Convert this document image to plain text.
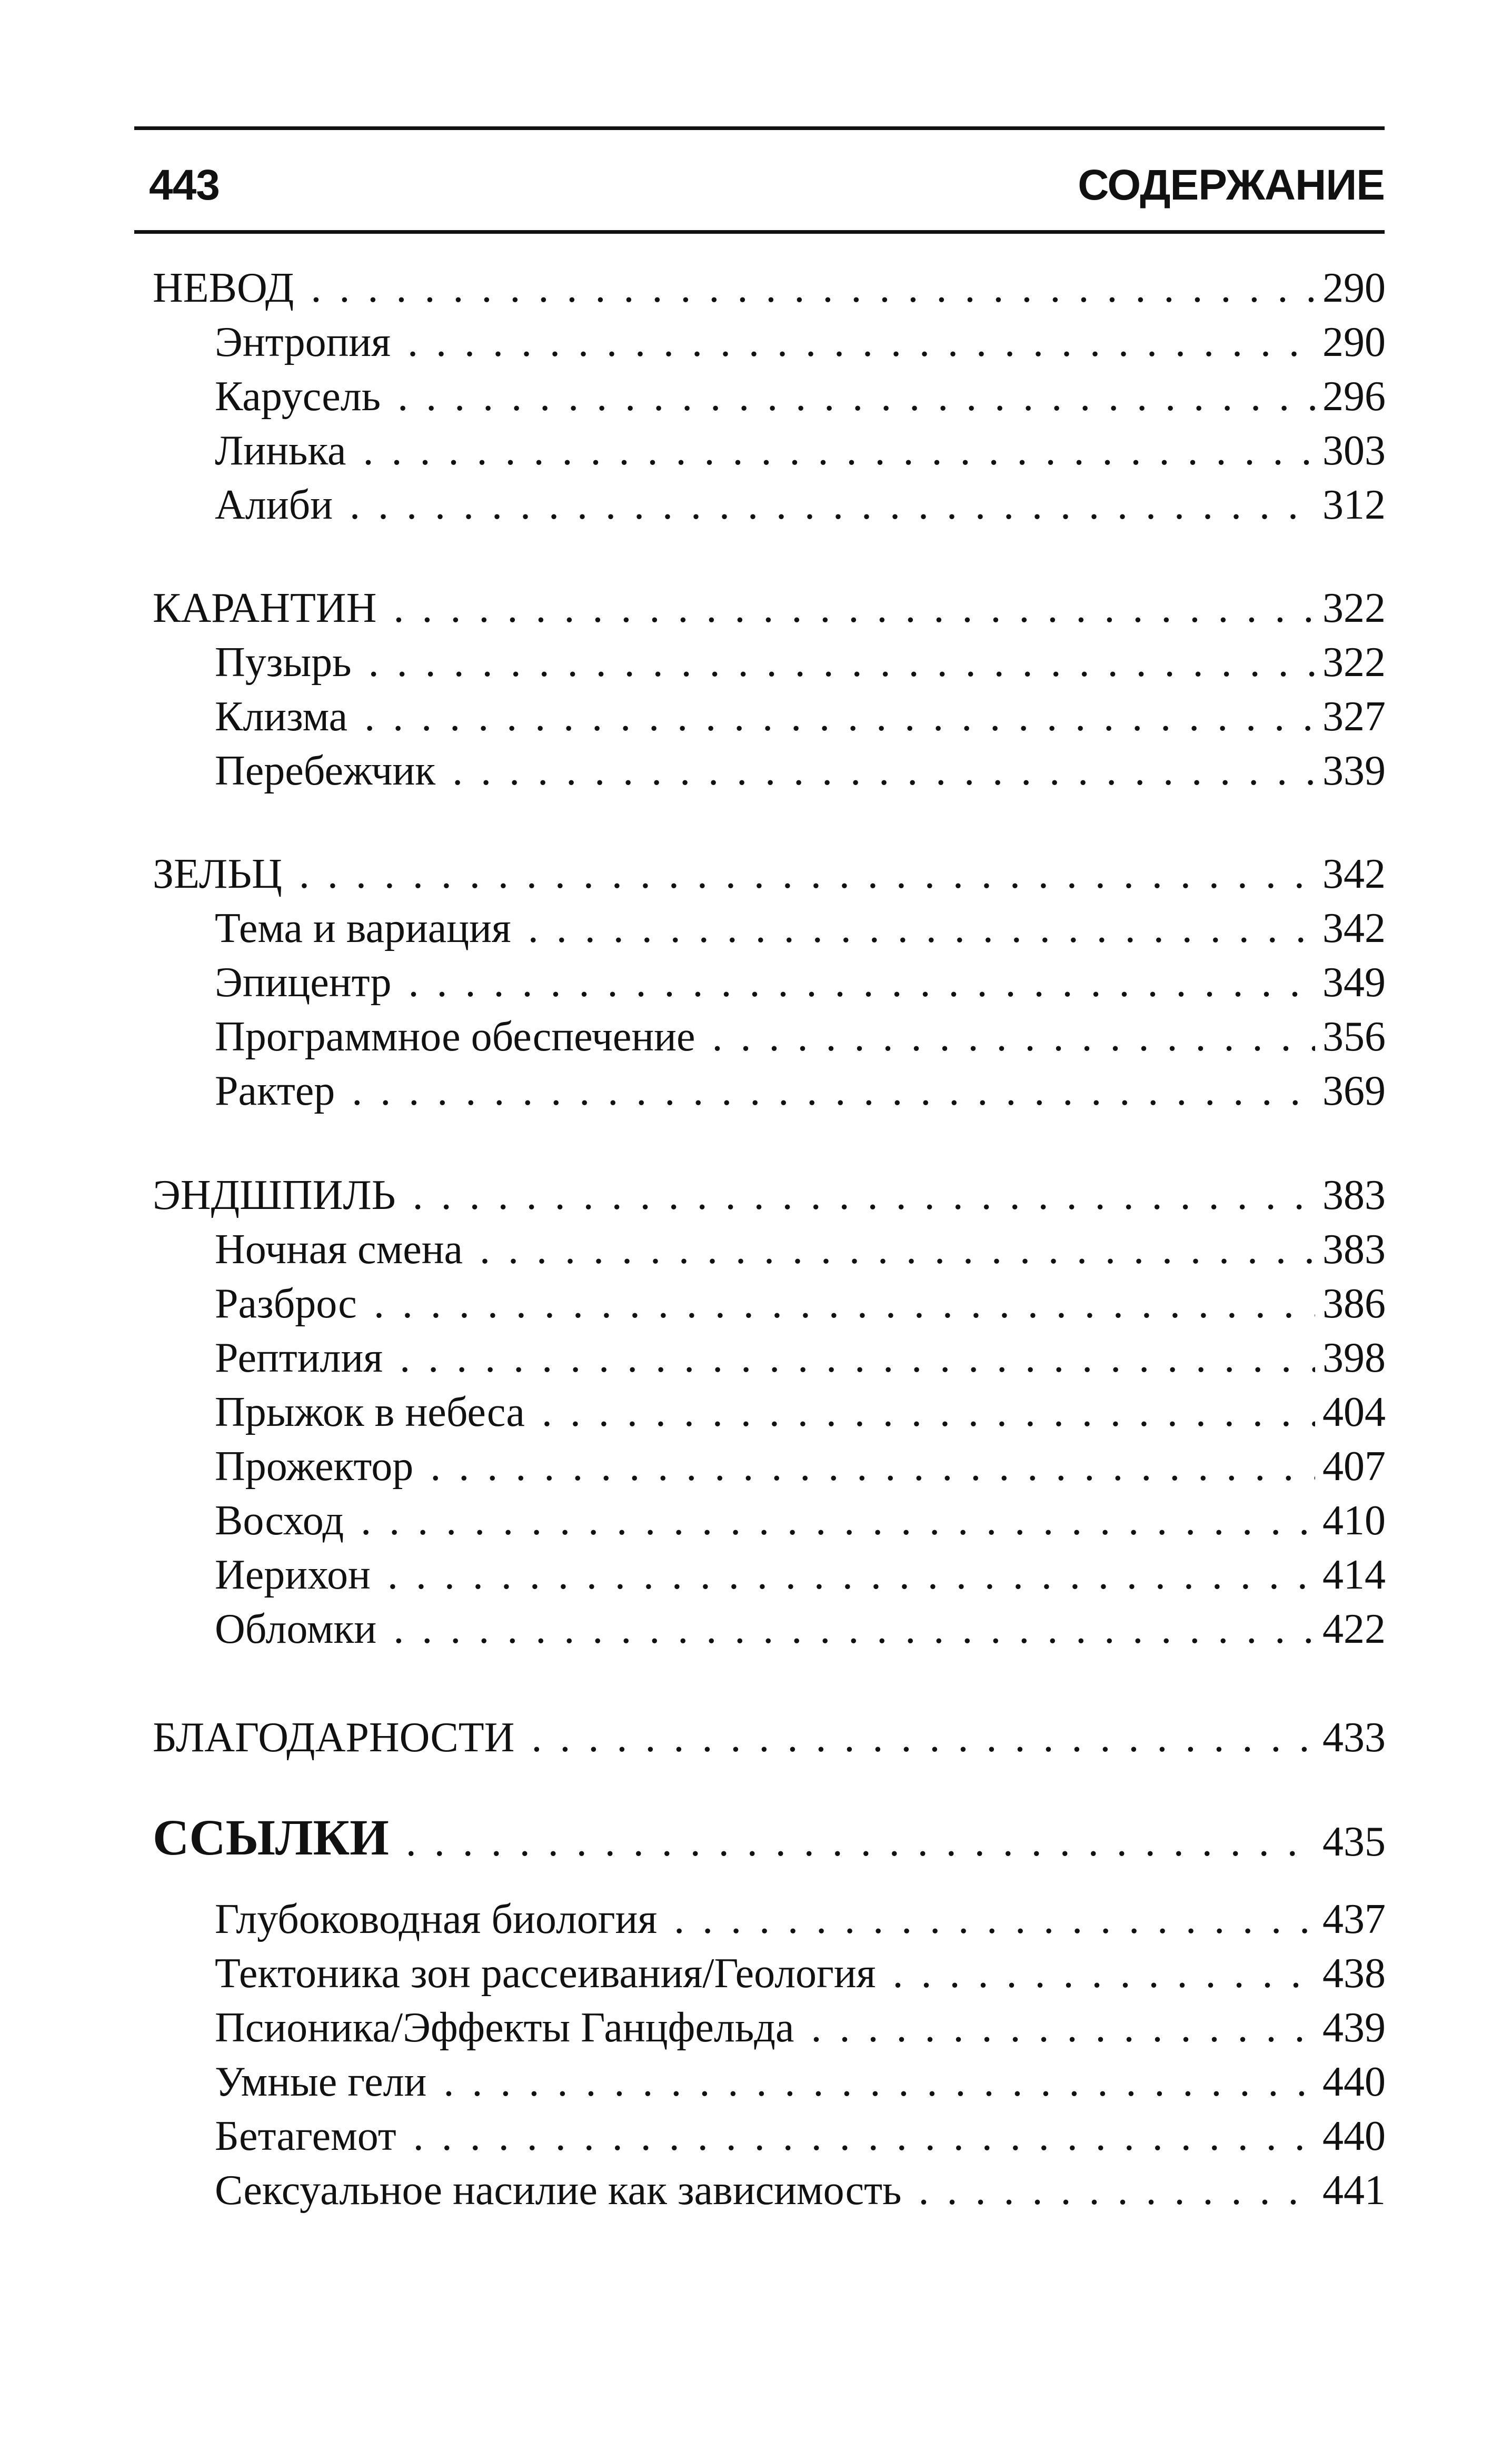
443	СОДЕРЖАНИЕ
НЕВОД . . .	290
Энтропия . . .	290
Карусель . . .	296
Линька . . .	303
Алиби . . .	312
КАРАНТИН . . .	322
Пузырь . . .	322
Клизма . . .	327
Перебежчик . . .	339
ЗЕЛЬЦ . . .	342
Тема и вариация . . .	342
Эпицентр . . .	349
Программное обеспечение . . .	356
Рактер . . .	369
ЭНДШПИЛЬ . . .	383
Ночная смена . . .	383
Разброс . . .	386
Рептилия . . .	398
Прыжок в небеса . . .	404
Прожектор . . .	407
Восход . . .	410
Иерихон . . .	414
Обломки . . .	422
БЛАГОДАРНОСТИ . . .	433
ССЫЛКИ . . .	435
Глубоководная биология . . .	437
Тектоника зон рассеивания/Геология . . .	438
Псионика/Эффекты Ганцфельда . . .	439
Умные гели . . .	440
Бетагемот . . .	440
Сексуальное насилие как зависимость . . .	441
